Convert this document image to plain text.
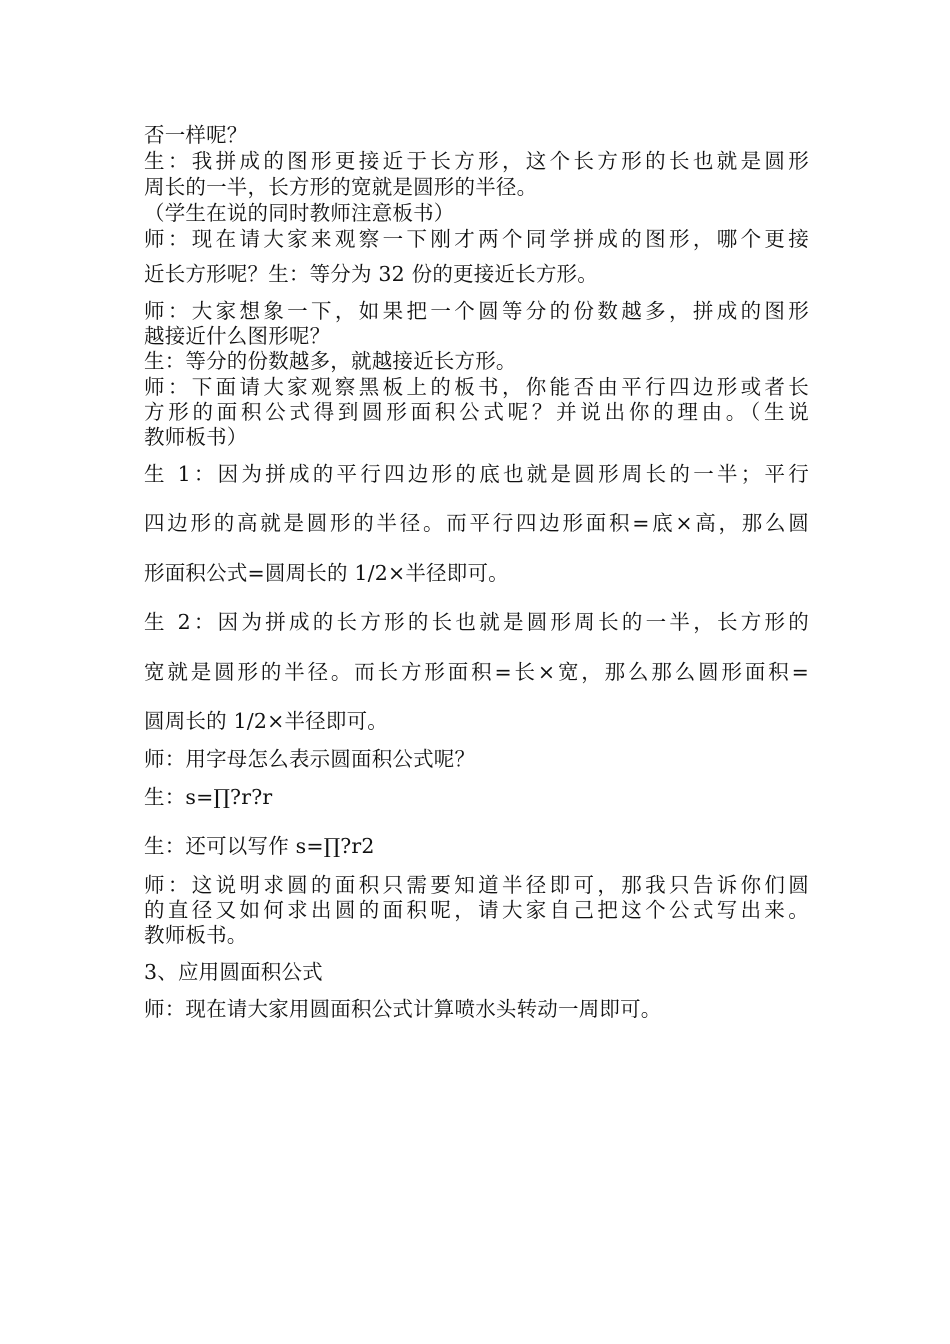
否一样呢？
生：我拼成的图形更接近于长方形，这个长方形的长也就是圆形
周长的一半，长方形的宽就是圆形的半径。
（学生在说的同时教师注意板书）
师：现在请大家来观察一下刚才两个同学拼成的图形，哪个更接
近长方形呢？生：等分为 32 份的更接近长方形。
师：大家想象一下，如果把一个圆等分的份数越多，拼成的图形
越接近什么图形呢？
生：等分的份数越多，就越接近长方形。
师：下面请大家观察黑板上的板书，你能否由平行四边形或者长
方形的面积公式得到圆形面积公式呢？并说出你的理由。（生说
教师板书）
生 1：因为拼成的平行四边形的底也就是圆形周长的一半；平行
四边形的高就是圆形的半径。而平行四边形面积=底×高，那么圆
形面积公式=圆周长的 1/2×半径即可。
生 2：因为拼成的长方形的长也就是圆形周长的一半，长方形的
宽就是圆形的半径。而长方形面积=长×宽，那么那么圆形面积=
圆周长的 1/2×半径即可。
师：用字母怎么表示圆面积公式呢？
生：s=∏?r?r
生：还可以写作 s=∏?r2
师：这说明求圆的面积只需要知道半径即可，那我只告诉你们圆
的直径又如何求出圆的面积呢，请大家自己把这个公式写出来。
教师板书。
3、应用圆面积公式
师：现在请大家用圆面积公式计算喷水头转动一周即可。
